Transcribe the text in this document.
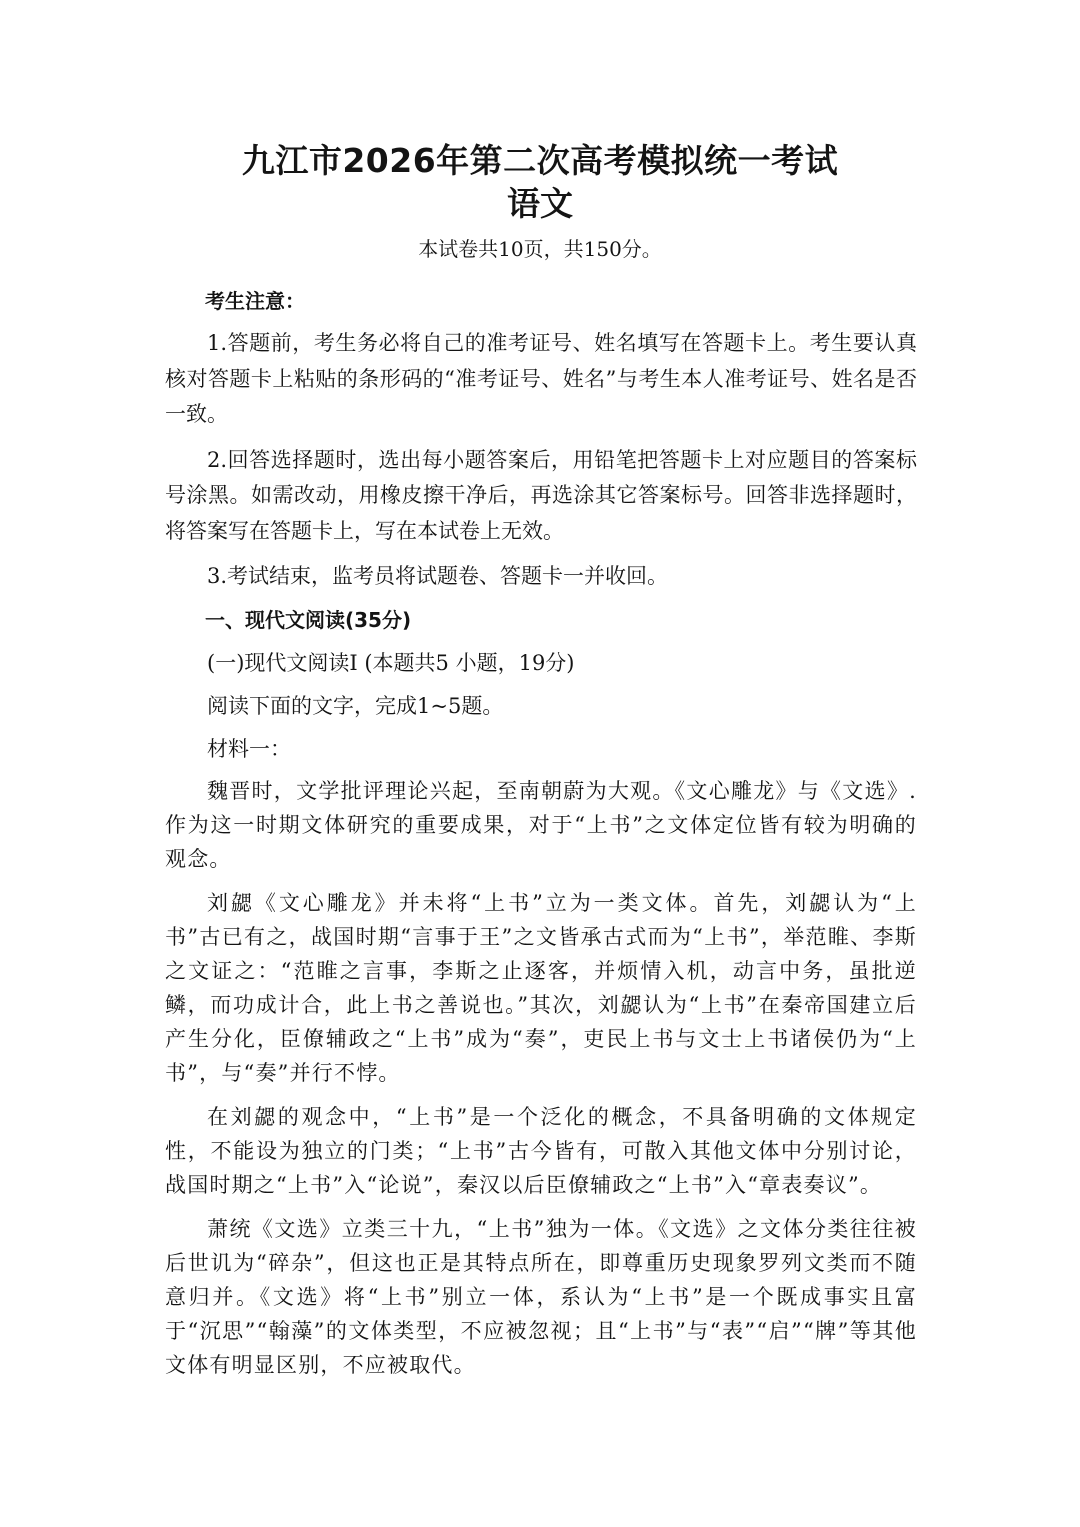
九江市2026年第二次高考模拟统一考试
语文
本试卷共10页，共150分。

考生注意：

1.答题前，考生务必将自己的准考证号、姓名填写在答题卡上。考生要认真核对答题卡上粘贴的条形码的“准考证号、姓名”与考生本人准考证号、姓名是否一致。

2.回答选择题时，选出每小题答案后，用铅笔把答题卡上对应题目的答案标号涂黑。如需改动，用橡皮擦干净后，再选涂其它答案标号。回答非选择题时，将答案写在答题卡上，写在本试卷上无效。

3.考试结束，监考员将试题卷、答题卡一并收回。

一、现代文阅读(35分)

(一)现代文阅读Ⅰ (本题共5 小题，19分)

阅读下面的文字，完成1~5题。

材料一：

魏晋时，文学批评理论兴起，至南朝蔚为大观。《文心雕龙》与《文选》.作为这一时期文体研究的重要成果，对于“上书”之文体定位皆有较为明确的观念。

刘勰《文心雕龙》并未将“上书”立为一类文体。首先，刘勰认为“上书”古已有之，战国时期“言事于王”之文皆承古式而为“上书”，举范睢、李斯之文证之：“范睢之言事，李斯之止逐客，并烦情入机，动言中务，虽批逆鳞，而功成计合，此上书之善说也。”其次，刘勰认为“上书”在秦帝国建立后产生分化，臣僚辅政之“上书”成为“奏”，吏民上书与文士上书诸侯仍为“上书”，与“奏”并行不悖。

在刘勰的观念中，“上书”是一个泛化的概念，不具备明确的文体规定性，不能设为独立的门类；“上书”古今皆有，可散入其他文体中分别讨论，战国时期之“上书”入“论说”，秦汉以后臣僚辅政之“上书”入“章表奏议”。

萧统《文选》立类三十九，“上书”独为一体。《文选》之文体分类往往被后世讥为“碎杂”，但这也正是其特点所在，即尊重历史现象罗列文类而不随意归并。《文选》将“上书”别立一体，系认为“上书”是一个既成事实且富于“沉思”“翰藻”的文体类型，不应被忽视；且“上书”与“表”“启”“牌”等其他文体有明显区别，不应被取代。
